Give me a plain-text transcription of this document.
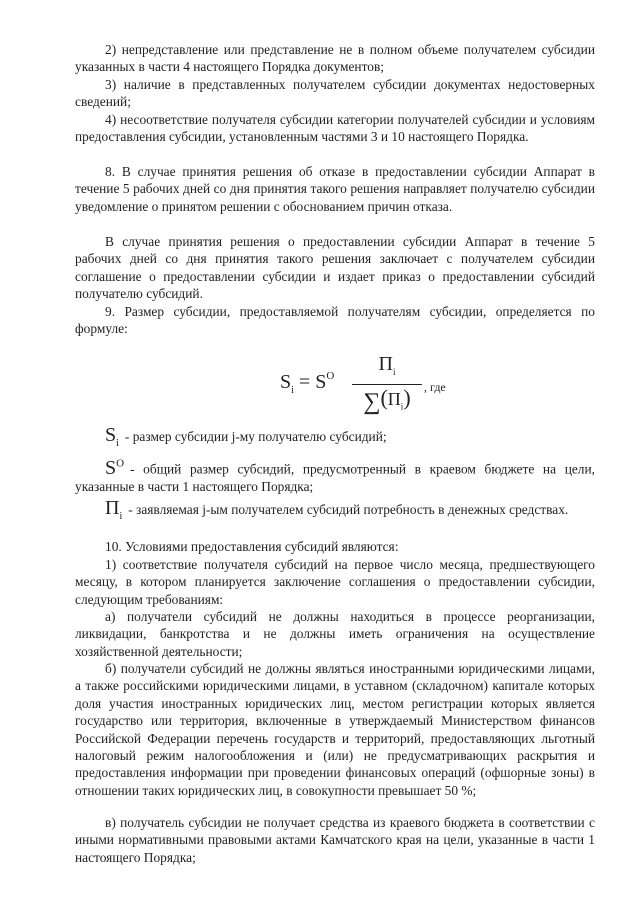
2) непредставление или представление не в полном объеме получателем субсидии указанных в части 4 настоящего Порядка документов;
3) наличие в представленных получателем субсидии документах недостоверных сведений;
4) несоответствие получателя субсидии категории получателей субсидии и условиям предоставления субсидии, установленным частями 3 и 10 настоящего Порядка.
8. В случае принятия решения об отказе в предоставлении субсидии Аппарат в течение 5 рабочих дней со дня принятия такого решения направляет получателю субсидии уведомление о принятом решении с обоснованием причин отказа.
В случае принятия решения о предоставлении субсидии Аппарат в течение 5 рабочих дней со дня принятия такого решения заключает с получателем субсидии соглашение о предоставлении субсидии и издает приказ о предоставлении субсидий получателю субсидий.
9. Размер субсидии, предоставляемой получателям субсидии, определяется по формуле:
$S_i = S^O$
$П_i$
$\sum(П_i)$	, где
$S_i$ - размер субсидии j-му получателю субсидий;
$S^O$ - общий размер субсидий, предусмотренный в краевом бюджете на цели, указанные в части 1 настоящего Порядка;
$П_i$ - заявляемая j-ым получателем субсидий потребность в денежных средствах.
10. Условиями предоставления субсидий являются:
1) соответствие получателя субсидий на первое число месяца, предшествующего месяцу, в котором планируется заключение соглашения о предоставлении субсидии, следующим требованиям:
а) получатели субсидий не должны находиться в процессе реорганизации, ликвидации, банкротства и не должны иметь ограничения на осуществление хозяйственной деятельности;
б) получатели субсидий не должны являться иностранными юридическими лицами, а также российскими юридическими лицами, в уставном (складочном) капитале которых доля участия иностранных юридических лиц, местом регистрации которых является государство или территория, включенные в утверждаемый Министерством финансов Российской Федерации перечень государств и территорий, предоставляющих льготный налоговый режим налогообложения и (или) не предусматривающих раскрытия и предоставления информации при проведении финансовых операций (офшорные зоны) в отношении таких юридических лиц, в совокупности превышает 50 %;
в) получатель субсидии не получает средства из краевого бюджета в соответствии с иными нормативными правовыми актами Камчатского края на цели, указанные в части 1 настоящего Порядка;
